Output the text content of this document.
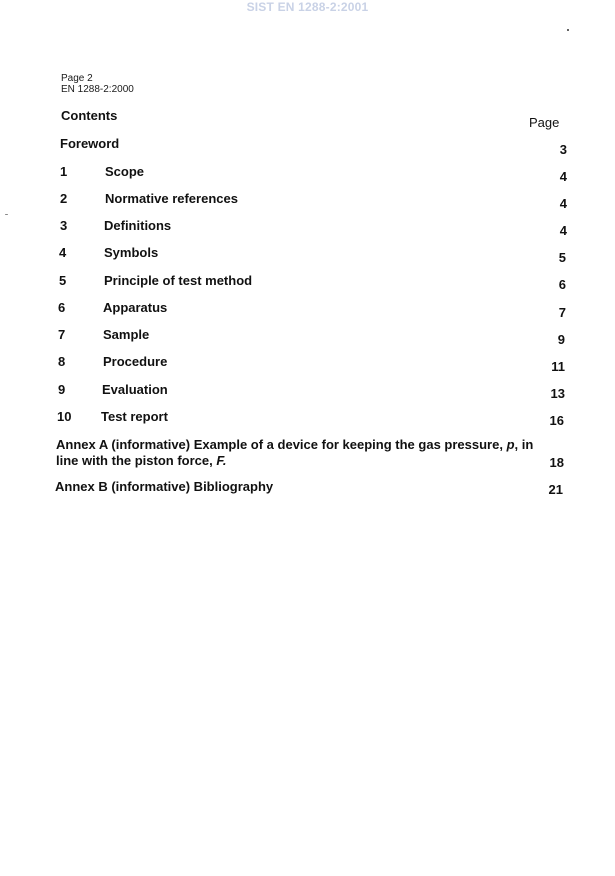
SIST EN 1288-2:2001
Page 2
EN 1288-2:2000
Contents	Page
Foreword	3
1	Scope	4
2	Normative references	4
3	Definitions	4
4	Symbols	5
5	Principle of test method	6
6	Apparatus	7
7	Sample	9
8	Procedure	11
9	Evaluation	13
10 Test report	16
Annex A (informative) Example of a device for keeping the gas pressure, p, in line with the piston force, F.	18
Annex B (informative) Bibliography	21
